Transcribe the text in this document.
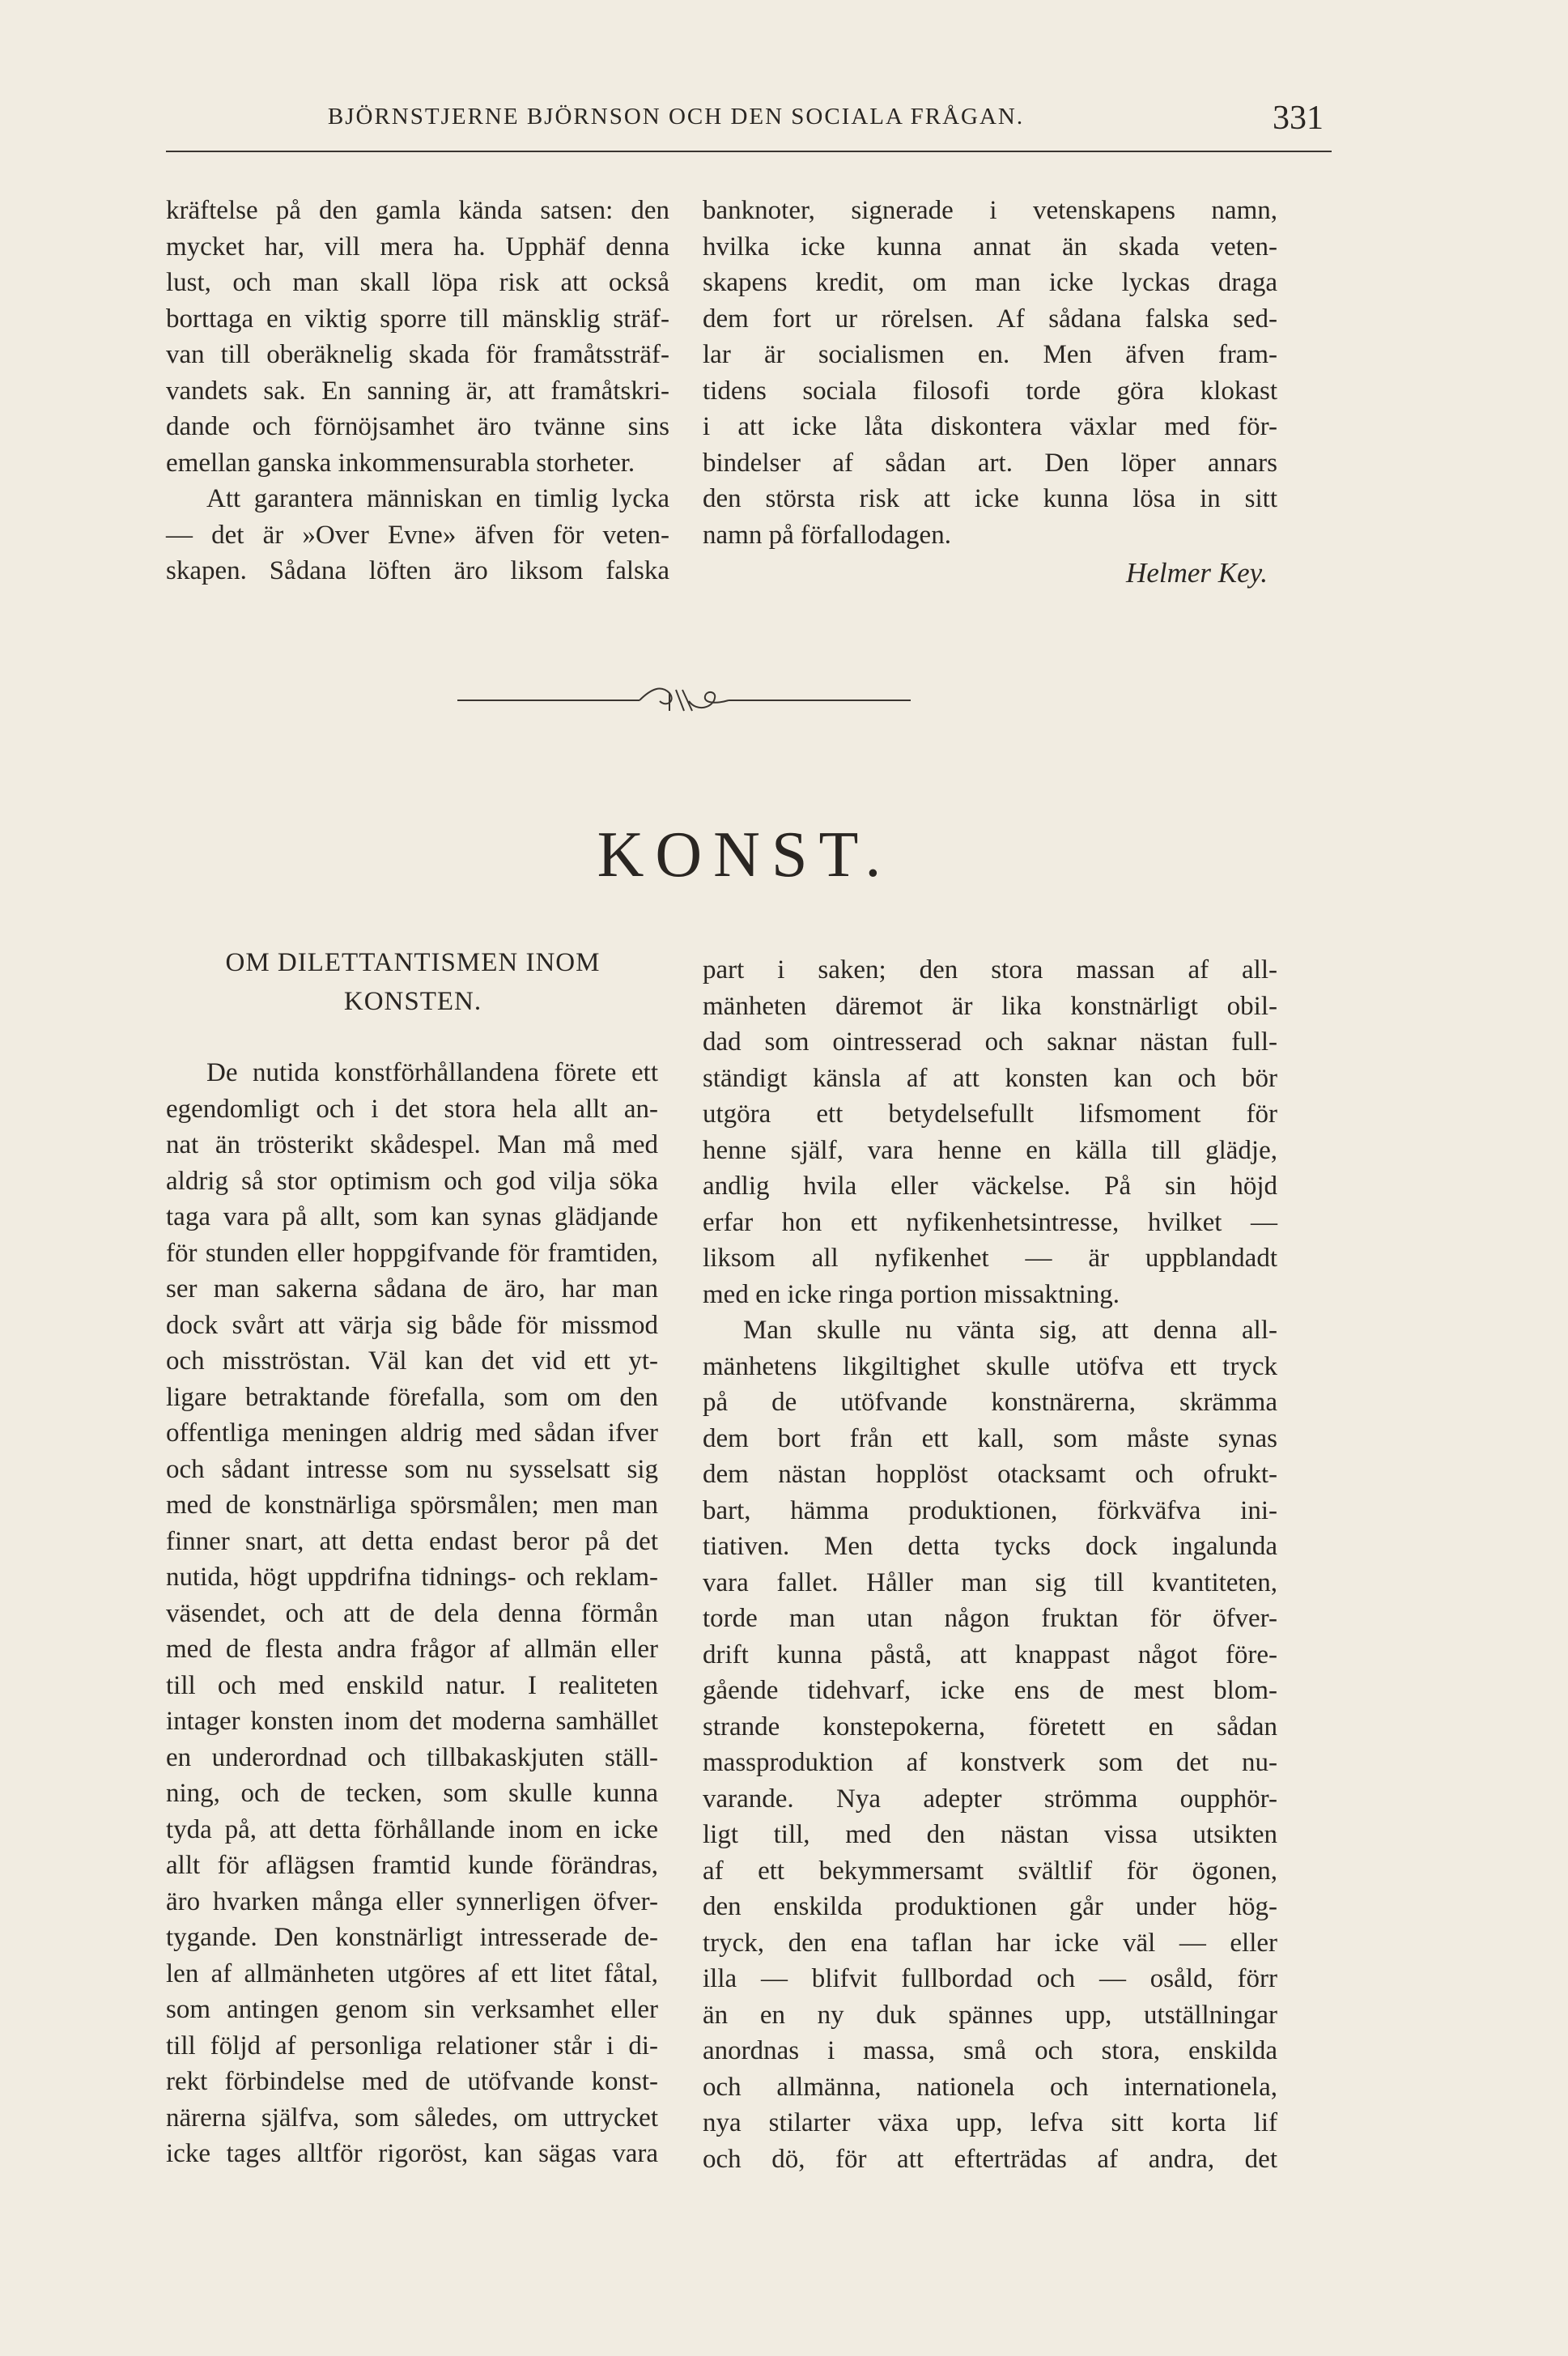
BJÖRNSTJERNE BJÖRNSON OCH DEN SOCIALA FRÅGAN.	331
kräftelse på den gamla kända satsen: den
mycket har, vill mera ha. Upphäf denna
lust, och man skall löpa risk att också
borttaga en viktig sporre till mänsklig sträf-
van till oberäknelig skada för framåtssträf-
vandets sak. En sanning är, att framåtskri-
dande och förnöjsamhet äro tvänne sins
emellan ganska inkommensurabla storheter.
Att garantera människan en timlig lycka
— det är »Over Evne» äfven för veten-
skapen. Sådana löften äro liksom falska
banknoter, signerade i vetenskapens namn,
hvilka icke kunna annat än skada veten-
skapens kredit, om man icke lyckas draga
dem fort ur rörelsen. Af sådana falska sed-
lar är socialismen en. Men äfven fram-
tidens sociala filosofi torde göra klokast
i att icke låta diskontera växlar med för-
bindelser af sådan art. Den löper annars
den största risk att icke kunna lösa in sitt
namn på förfallodagen.
Helmer Key.
KONST.
OM DILETTANTISMEN INOM
KONSTEN.
De nutida konstförhållandena förete ett
egendomligt och i det stora hela allt an-
nat än trösterikt skådespel. Man må med
aldrig så stor optimism och god vilja söka
taga vara på allt, som kan synas glädjande
för stunden eller hoppgifvande för framtiden,
ser man sakerna sådana de äro, har man
dock svårt att värja sig både för missmod
och misströstan. Väl kan det vid ett yt-
ligare betraktande förefalla, som om den
offentliga meningen aldrig med sådan ifver
och sådant intresse som nu sysselsatt sig
med de konstnärliga spörsmålen; men man
finner snart, att detta endast beror på det
nutida, högt uppdrifna tidnings- och reklam-
väsendet, och att de dela denna förmån
med de flesta andra frågor af allmän eller
till och med enskild natur. I realiteten
intager konsten inom det moderna samhället
en underordnad och tillbakaskjuten ställ-
ning, och de tecken, som skulle kunna
tyda på, att detta förhållande inom en icke
allt för aflägsen framtid kunde förändras,
äro hvarken många eller synnerligen öfver-
tygande. Den konstnärligt intresserade de-
len af allmänheten utgöres af ett litet fåtal,
som antingen genom sin verksamhet eller
till följd af personliga relationer står i di-
rekt förbindelse med de utöfvande konst-
närerna själfva, som således, om uttrycket
icke tages alltför rigoröst, kan sägas vara
part i saken; den stora massan af all-
mänheten däremot är lika konstnärligt obil-
dad som ointresserad och saknar nästan full-
ständigt känsla af att konsten kan och bör
utgöra ett betydelsefullt lifsmoment för
henne själf, vara henne en källa till glädje,
andlig hvila eller väckelse. På sin höjd
erfar hon ett nyfikenhetsintresse, hvilket —
liksom all nyfikenhet — är uppblandadt
med en icke ringa portion missaktning.
Man skulle nu vänta sig, att denna all-
mänhetens likgiltighet skulle utöfva ett tryck
på de utöfvande konstnärerna, skrämma
dem bort från ett kall, som måste synas
dem nästan hopplöst otacksamt och ofrukt-
bart, hämma produktionen, förkväfva ini-
tiativen. Men detta tycks dock ingalunda
vara fallet. Håller man sig till kvantiteten,
torde man utan någon fruktan för öfver-
drift kunna påstå, att knappast något före-
gående tidehvarf, icke ens de mest blom-
strande konstepokerna, företett en sådan
massproduktion af konstverk som det nu-
varande. Nya adepter strömma oupphör-
ligt till, med den nästan vissa utsikten
af ett bekymmersamt svältlif för ögonen,
den enskilda produktionen går under hög-
tryck, den ena taflan har icke väl — eller
illa — blifvit fullbordad och — osåld, förr
än en ny duk spännes upp, utställningar
anordnas i massa, små och stora, enskilda
och allmänna, nationela och internationela,
nya stilarter växa upp, lefva sitt korta lif
och dö, för att efterträdas af andra, det
